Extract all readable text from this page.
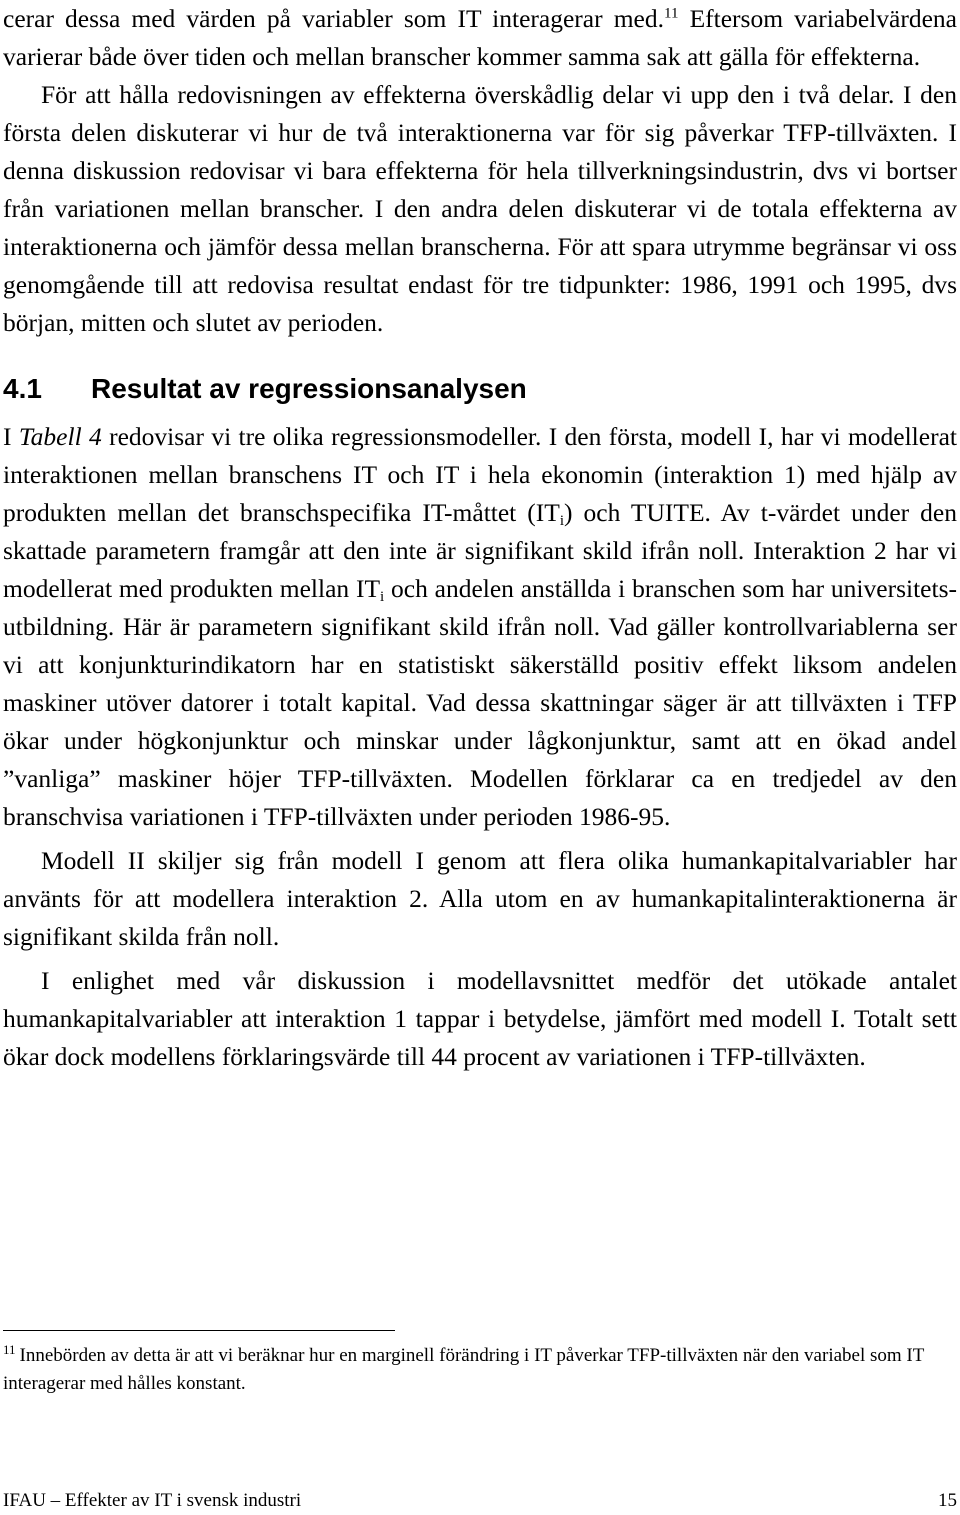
cerar dessa med värden på variabler som IT interagerar med.$^{11}$ Eftersom variabelvärdena varierar både över tiden och mellan branscher kommer samma sak att gälla för effekterna.

För att hålla redovisningen av effekterna överskådlig delar vi upp den i två delar. I den första delen diskuterar vi hur de två interaktionerna var för sig påverkar TFP-tillväxten. I denna diskussion redovisar vi bara effekterna för hela tillverkningsindustrin, dvs vi bortser från variationen mellan branscher. I den andra delen diskuterar vi de totala effekterna av interaktionerna och jämför dessa mellan branscherna. För att spara utrymme begränsar vi oss genomgående till att redovisa resultat endast för tre tidpunkter: 1986, 1991 och 1995, dvs början, mitten och slutet av perioden.

4.1 Resultat av regressionsanalysen

I Tabell 4 redovisar vi tre olika regressionsmodeller. I den första, modell I, har vi modellerat interaktionen mellan branschens IT och IT i hela ekonomin (interaktion 1) med hjälp av produkten mellan det branschspecifika IT-måttet $(IT_i)$ och TUITE. Av t-värdet under den skattade parametern framgår att den inte är signifikant skild ifrån noll. Interaktion 2 har vi modellerat med produkten mellan $IT_i$ och andelen anställda i branschen som har universitetsutbildning. Här är parametern signifikant skild ifrån noll. Vad gäller kontrollvariablerna ser vi att konjunkturindikatorn har en statistiskt säkerställd positiv effekt liksom andelen maskiner utöver datorer i totalt kapital. Vad dessa skattningar säger är att tillväxten i TFP ökar under högkonjunktur och minskar under lågkonjunktur, samt att en ökad andel ”vanliga” maskiner höjer TFP-tillväxten. Modellen förklarar ca en tredjedel av den branschvisa variationen i TFP-tillväxten under perioden 1986-95.

Modell II skiljer sig från modell I genom att flera olika humankapitalvariabler har använts för att modellera interaktion 2. Alla utom en av humankapitalinteraktionerna är signifikant skilda från noll.

I enlighet med vår diskussion i modellavsnittet medför det utökade antalet humankapitalvariabler att interaktion 1 tappar i betydelse, jämfört med modell I. Totalt sett ökar dock modellens förklaringsvärde till 44 procent av variationen i TFP-tillväxten.

$^{11}$ Innebörden av detta är att vi beräknar hur en marginell förändring i IT påverkar TFP-tillväxten när den variabel som IT interagerar med hålles konstant.
IFAU – Effekter av IT i svensk industri	15
